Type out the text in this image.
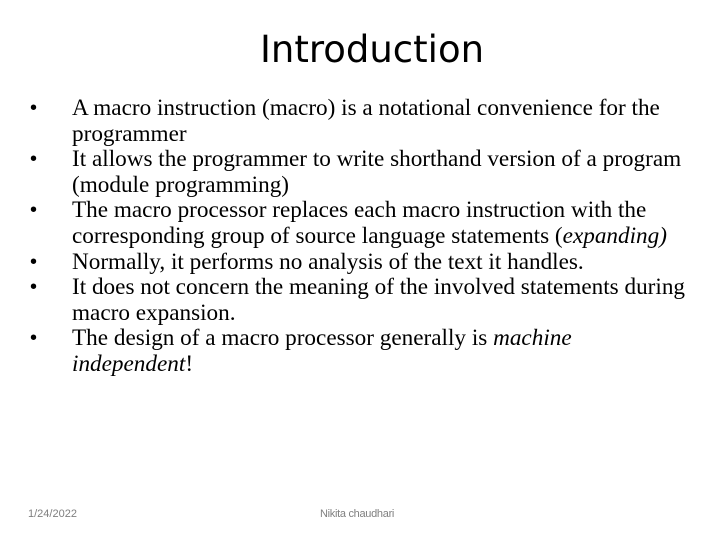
Introduction
• A macro instruction (macro) is a notational convenience for the programmer
• It allows the programmer to write shorthand version of a program (module programming)
• The macro processor replaces each macro instruction with the corresponding group of source language statements (expanding)
• Normally, it performs no analysis of the text it handles.
• It does not concern the meaning of the involved statements during macro expansion.
• The design of a macro processor generally is machine independent!
1/24/2022	Nikita chaudhari
